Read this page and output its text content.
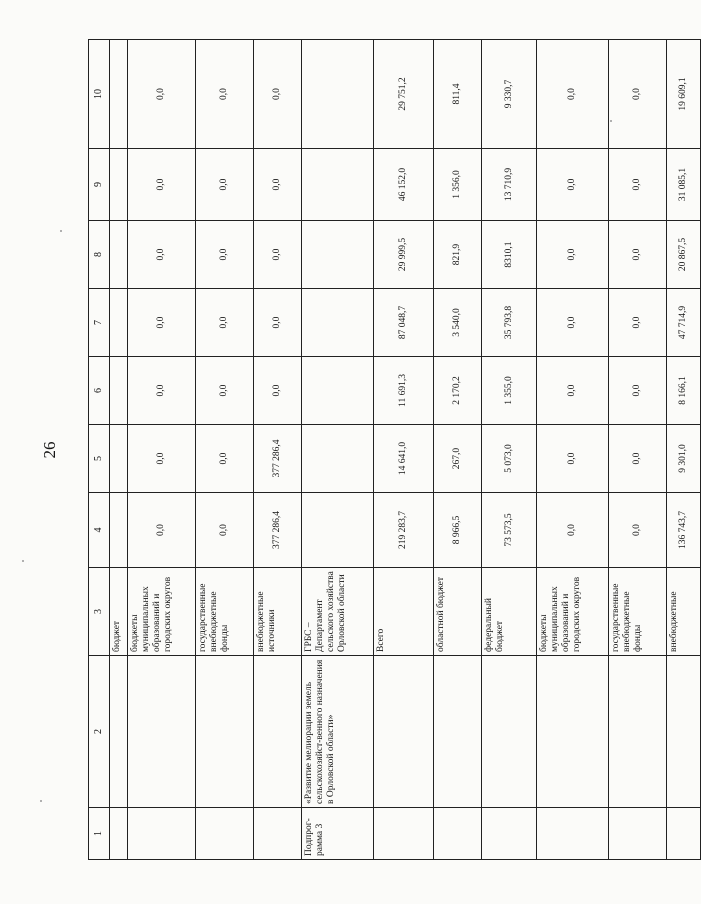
26
1	2	3	4	5	6	7	8	9	10
		бюджет							
		бюджеты муниципальных образований и городских округов	0,0	0,0	0,0	0,0	0,0	0,0	0,0
		государственные внебюджетные фонды	0,0	0,0	0,0	0,0	0,0	0,0	0,0
		внебюджетные источники	377 286,4	377 286,4	0,0	0,0	0,0	0,0	0,0
Подпрог-рамма 3	«Развитие мелиорации земель сельскохозяйст-венного назначения в Орловской области»	ГРБС – Департамент сельского хозяйства Орловской области							
		Всего	219 283,7	14 641,0	11 691,3	87 048,7	29 999,5	46 152,0	29 751,2
		областной бюджет	8 966,5	267,0	2 170,2	3 540,0	821,9	1 356,0	811,4
		федеральный бюджет	73 573,5	5 073,0	1 355,0	35 793,8	8310,1	13 710,9	9 330,7
		бюджеты муниципальных образований и городских округов	0,0	0,0	0,0	0,0	0,0	0,0	0,0
		государственные внебюджетные фонды	0,0	0,0	0,0	0,0	0,0	0,0	0,0
		внебюджетные	136 743,7	9 301,0	8 166,1	47 714,9	20 867,5	31 085,1	19 609,1
